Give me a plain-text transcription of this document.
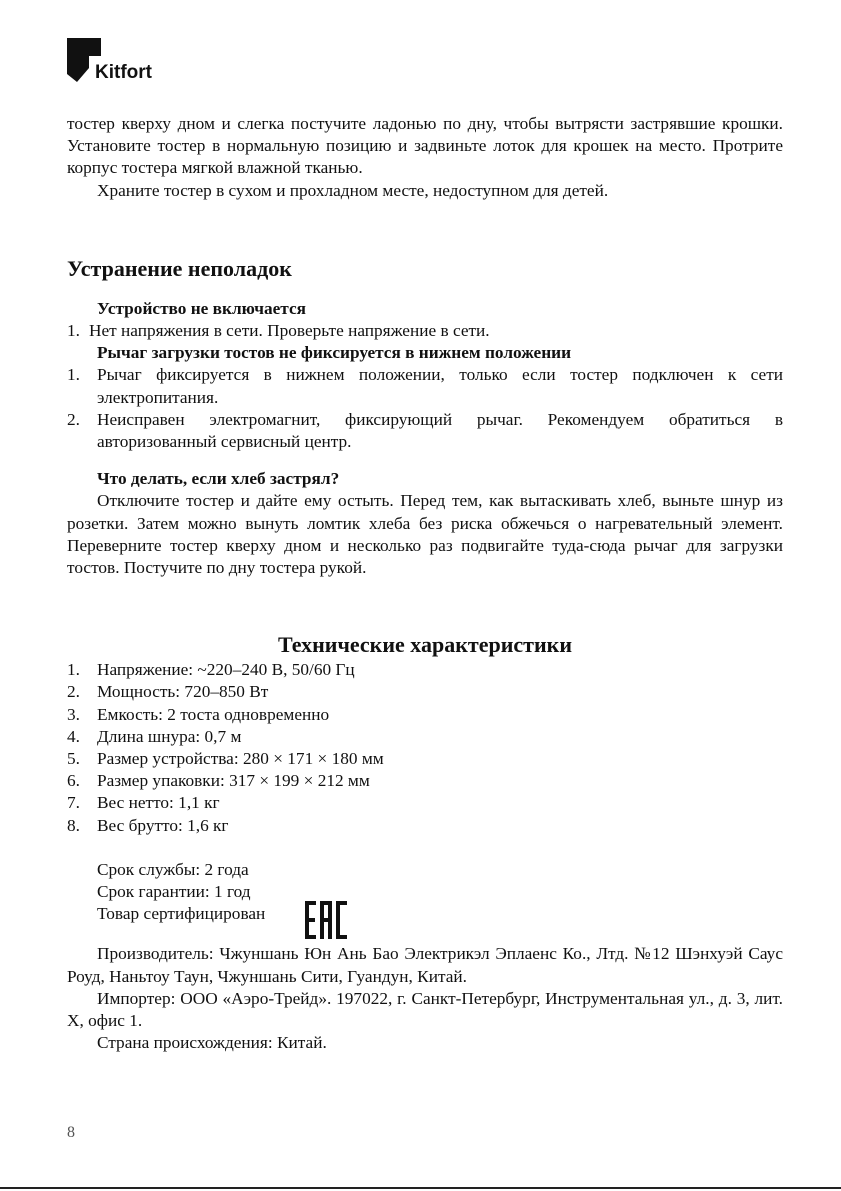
Kitfort

тостер кверху дном и слегка постучите ладонью по дну, чтобы вытрясти застрявшие крошки. Установите тостер в нормальную позицию и задвиньте лоток для крошек на место. Протрите корпус тостера мягкой влажной тканью.

Храните тостер в сухом и прохладном месте, недоступном для детей.

Устранение неполадок
Устройство не включается
1. Нет напряжения в сети. Проверьте напряжение в сети.
Рычаг загрузки тостов не фиксируется в нижнем положении
1. Рычаг фиксируется в нижнем положении, только если тостер подключен к сети электропитания.
2. Неисправен электромагнит, фиксирующий рычаг. Рекомендуем обратиться в авторизованный сервисный центр.
Что делать, если хлеб застрял?

Отключите тостер и дайте ему остыть. Перед тем, как вытаскивать хлеб, выньте шнур из розетки. Затем можно вынуть ломтик хлеба без риска обжечься о нагревательный элемент. Переверните тостер кверху дном и несколько раз подвигайте туда-сюда рычаг для загрузки тостов. Постучите по дну тостера рукой.

Технические характеристики
1. Напряжение: ~220–240 В, 50/60 Гц
2. Мощность: 720–850 Вт
3. Емкость: 2 тоста одновременно
4. Длина шнура: 0,7 м
5. Размер устройства: 280 × 171 × 180 мм
6. Размер упаковки: 317 × 199 × 212 мм
7. Вес нетто: 1,1 кг
8. Вес брутто: 1,6 кг
Срок службы: 2 года
Срок гарантии: 1 год
Товар сертифицирован

Производитель: Чжуншань Юн Ань Бао Электрикэл Эплаенс Ко., Лтд. №12 Шэнхуэй Саус Роуд, Наньтоу Таун, Чжуншань Сити, Гуандун, Китай.

Импортер: ООО «Аэро-Трейд». 197022, г. Санкт-Петербург, Инструментальная ул., д. 3, лит. Х, офис 1.

Страна происхождения: Китай.

8
